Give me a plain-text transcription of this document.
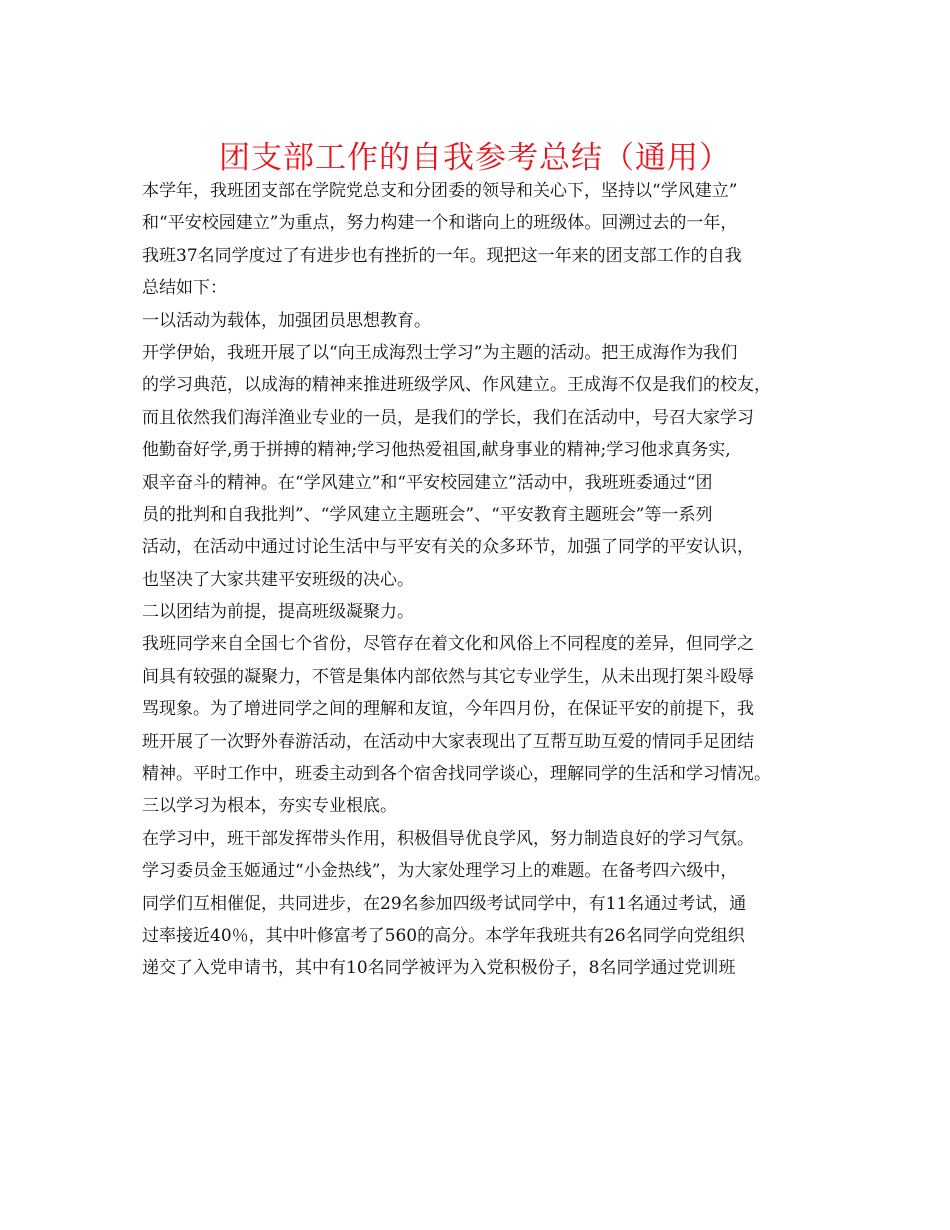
团支部工作的自我参考总结（通用）
本学年，我班团支部在学院党总支和分团委的领导和关心下，坚持以“学风建立”
和“平安校园建立”为重点，努力构建一个和谐向上的班级体。回溯过去的一年，
我班37名同学度过了有进步也有挫折的一年。现把这一年来的团支部工作的自我
总结如下：
一以活动为载体，加强团员思想教育。
开学伊始，我班开展了以“向王成海烈士学习”为主题的活动。把王成海作为我们
的学习典范，以成海的精神来推进班级学风、作风建立。王成海不仅是我们的校友，
而且依然我们海洋渔业专业的一员，是我们的学长，我们在活动中，号召大家学习
他勤奋好学,勇于拼搏的精神;学习他热爱祖国,献身事业的精神;学习他求真务实,
艰辛奋斗的精神。在“学风建立”和“平安校园建立”活动中，我班班委通过“团
员的批判和自我批判”、“学风建立主题班会”、“平安教育主题班会”等一系列
活动，在活动中通过讨论生活中与平安有关的众多环节，加强了同学的平安认识，
也坚决了大家共建平安班级的决心。
二以团结为前提，提高班级凝聚力。
我班同学来自全国七个省份，尽管存在着文化和风俗上不同程度的差异，但同学之
间具有较强的凝聚力，不管是集体内部依然与其它专业学生，从未出现打架斗殴辱
骂现象。为了增进同学之间的理解和友谊，今年四月份，在保证平安的前提下，我
班开展了一次野外春游活动，在活动中大家表现出了互帮互助互爱的情同手足团结
精神。平时工作中，班委主动到各个宿舍找同学谈心，理解同学的生活和学习情况。
三以学习为根本，夯实专业根底。
在学习中，班干部发挥带头作用，积极倡导优良学风，努力制造良好的学习气氛。
学习委员金玉姬通过“小金热线”，为大家处理学习上的难题。在备考四六级中，
同学们互相催促，共同进步，在29名参加四级考试同学中，有11名通过考试，通
过率接近40％，其中叶修富考了560的高分。本学年我班共有26名同学向党组织
递交了入党申请书，其中有10名同学被评为入党积极份子，8名同学通过党训班
